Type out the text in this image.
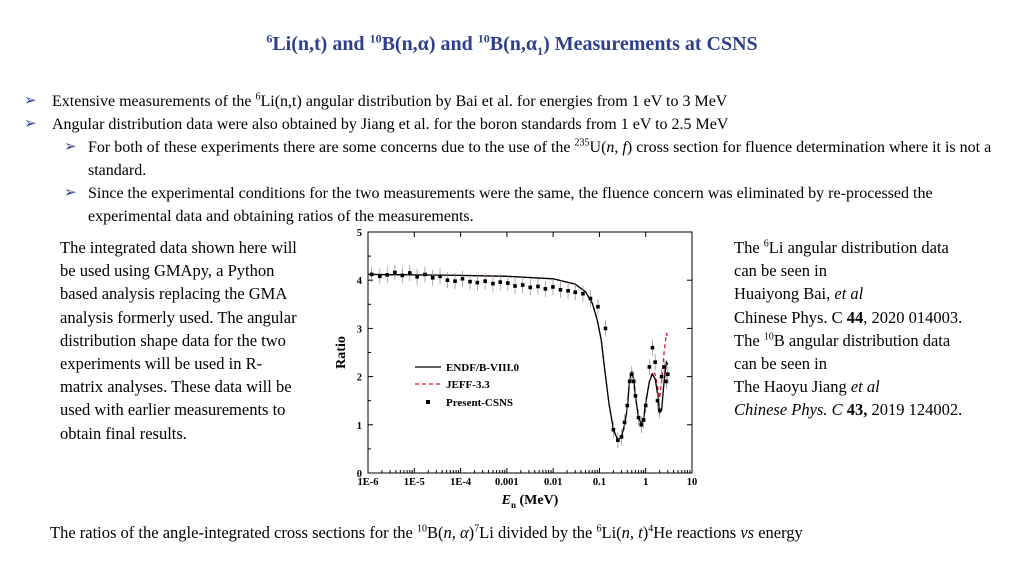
$^6$Li(n,t) and $^{10}$B(n,α) and $^{10}B(n,\alpha_1)$ Measurements at CSNS
➢ Extensive measurements of the $^6$Li(n,t) angular distribution by Bai et al. for energies from 1 eV to 3 MeV
➢ Angular distribution data were also obtained by Jiang et al. for the boron standards from 1 eV to 2.5 MeV
➢ For both of these experiments there are some concerns due to the use of the $^{235}$U(n, f) cross section for fluence determination where it is not a standard.
➢ Since the experimental conditions for the two measurements were the same, the fluence concern was eliminated by re-processed the experimental data and obtaining ratios of the measurements.
The integrated data shown here will be used using GMApy, a Python based analysis replacing the GMA analysis formerly used. The angular distribution shape data for the two experiments will be used in R-matrix analyses. These data will be used with earlier measurements to obtain final results.
The $^6$Li angular distribution data can be seen in
Huaiyong Bai, et al
Chinese Phys. C 44, 2020 014003.
The $^{10}$B angular distribution data can be seen in
The Haoyu Jiang et al
Chinese Phys. C 43, 2019 124002.
1E-6 1E-5 1E-4 0.001 0.01	0.1	1	10
0
1
2
3
4
5
$E_n$ (MeV)
Ratio	ENDF/B-VIII.0
JEFF-3.3
Present-CSNS
The ratios of the angle-integrated cross sections for the $^{10}$B(n, α)$^7$Li divided by the $^6$Li(n, t)$^4$He reactions vs energy
